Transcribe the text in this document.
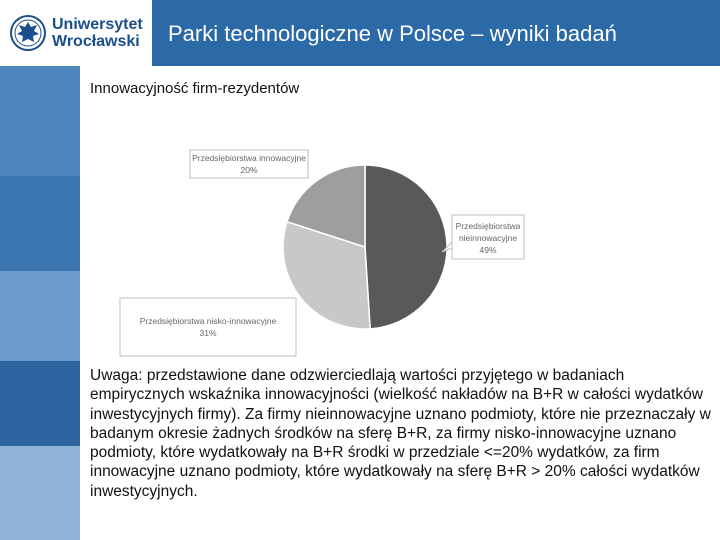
Uniwersytet
Wrocławski Parki technologiczne w Polsce – wyniki badań
Innowacyjność firm-rezydentów
Przedsiębiorstwa innowacyjne
20%
Przedsiębiorstwa
nieinnowacyjne
49%
Przedsiębiorstwa nisko-innowacyjne
31%
Uwaga: przedstawione dane odzwierciedlają wartości przyjętego w badaniach empirycznych wskaźnika innowacyjności (wielkość nakładów na B+R w całości wydatków inwestycyjnych firmy). Za firmy nieinnowacyjne uznano podmioty, które nie przeznaczały w badanym okresie żadnych środków na sferę B+R, za firmy nisko-innowacyjne uznano podmioty, które wydatkowały na B+R środki w przedziale <=20% wydatków, za firm innowacyjne uznano podmioty, które wydatkowały na sferę B+R > 20% całości wydatków inwestycyjnych.
